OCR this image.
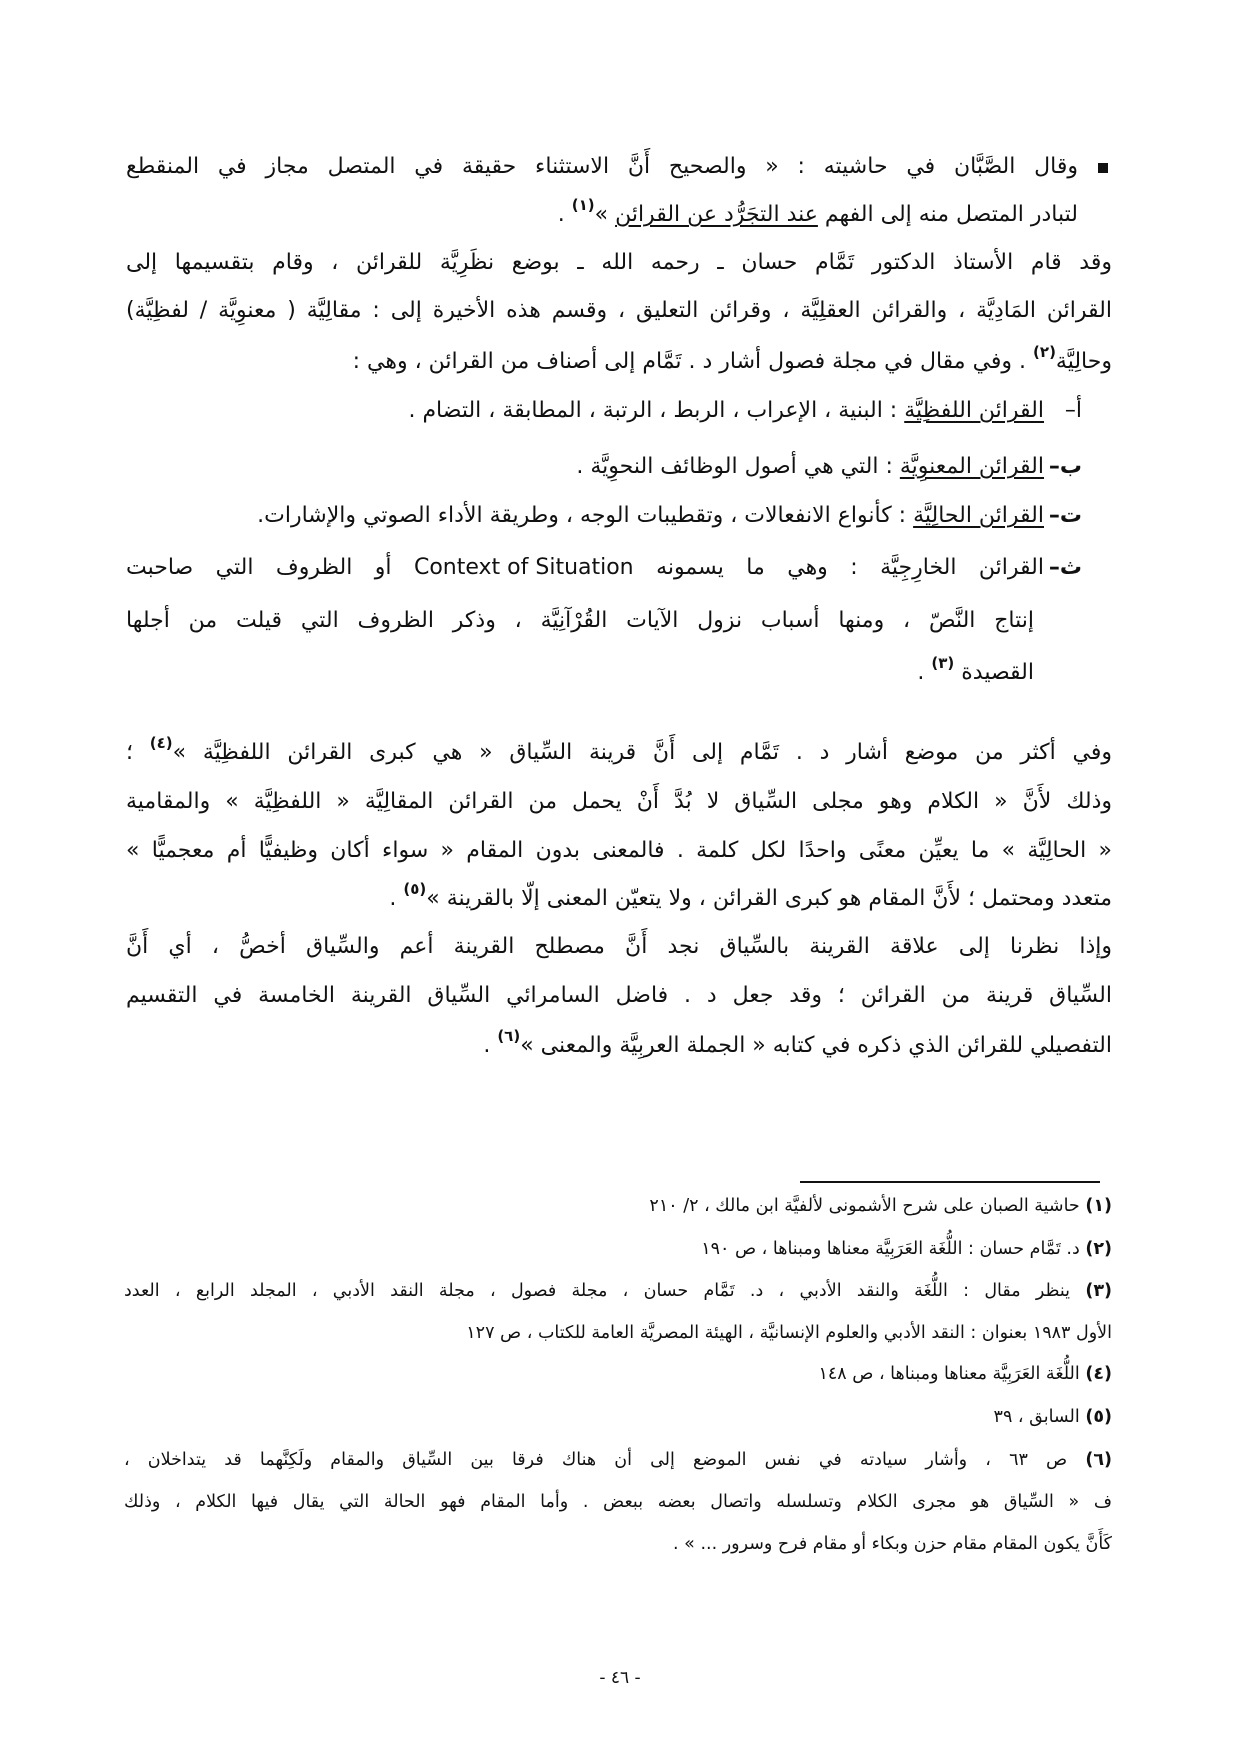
وقال الصَّبَّان في حاشيته : « والصحيح أَنَّ الاستثناء حقيقة في المتصل مجاز في المنقطع
لتبادر المتصل منه إلى الفهم عند التجَرُّد عن القرائن »$^{(١)}$ .
وقد قام الأستاذ الدكتور تَمَّام حسان ـ رحمه الله ـ بوضع نظَرِيَّة للقرائن ، وقام بتقسيمها إلى
القرائن المَادِيَّة ، والقرائن العقلِيَّة ، وقرائن التعليق ، وقسم هذه الأخيرة إلى : مقالِيَّة ( معنوِيَّة / لفظِيَّة)
وحالِيَّة$^{(٢)}$ . وفي مقال في مجلة فصول أشار د . تَمَّام إلى أصناف من القرائن ، وهي :
أ–القرائن اللفظِيَّة : البنية ، الإعراب ، الربط ، الرتبة ، المطابقة ، التضام .
ب–القرائن المعنوِيَّة : التي هي أصول الوظائف النحوِيَّة .
ت–القرائن الحالِيَّة : كأنواع الانفعالات ، وتقطيبات الوجه ، وطريقة الأداء الصوتي والإشارات.
ث–القرائن الخارِجِيَّة : وهي ما يسمونه Context of Situation أو الظروف التي صاحبت
إنتاج النَّصّ ، ومنها أسباب نزول الآيات القُرْآنِيَّة ، وذكر الظروف التي قيلت من أجلها
القصيدة $^{(٣)}$ .
وفي أكثر من موضع أشار د . تَمَّام إلى أَنَّ قرينة السِّياق « هي كبرى القرائن اللفظِيَّة »$^{(٤)}$ ؛
وذلك لأَنَّ « الكلام وهو مجلى السِّياق لا بُدَّ أَنْ يحمل من القرائن المقالِيَّة « اللفظِيَّة » والمقامية
« الحالِيَّة » ما يعيِّن معنًى واحدًا لكل كلمة . فالمعنى بدون المقام « سواء أكان وظيفيًّا أم معجميًّا »
متعدد ومحتمل ؛ لأَنَّ المقام هو كبرى القرائن ، ولا يتعيّن المعنى إلّا بالقرينة »$^{(٥)}$ .
وإذا نظرنا إلى علاقة القرينة بالسِّياق نجد أَنَّ مصطلح القرينة أعم والسِّياق أخصُّ ، أي أَنَّ
السِّياق قرينة من القرائن ؛ وقد جعل د . فاضل السامرائي السِّياق القرينة الخامسة في التقسيم
التفصيلي للقرائن الذي ذكره في كتابه « الجملة العربِيَّة والمعنى »$^{(٦)}$ .
(١) حاشية الصبان على شرح الأشمونى لألفيَّة ابن مالك ، ٢/ ٢١٠
(٢) د. تَمَّام حسان : اللُّغَة العَرَبِيَّة معناها ومبناها ، ص ١٩٠
(٣) ينظر مقال : اللُّغَة والنقد الأدبي ، د. تَمَّام حسان ، مجلة فصول ، مجلة النقد الأدبي ، المجلد الرابع ، العدد
الأول ١٩٨٣ بعنوان : النقد الأدبي والعلوم الإنسانيَّة ، الهيئة المصريَّة العامة للكتاب ، ص ١٢٧
(٤) اللُّغَة العَرَبِيَّة معناها ومبناها ، ص ١٤٨
(٥) السابق ، ٣٩
(٦) ص ٦٣ ، وأشار سيادته في نفس الموضع إلى أن هناك فرقا بين السِّياق والمقام ولَكِنَّهما قد يتداخلان ،
ف « السِّياق هو مجرى الكلام وتسلسله واتصال بعضه ببعض . وأما المقام فهو الحالة التي يقال فيها الكلام ، وذلك
كَأَنَّ يكون المقام مقام حزن وبكاء أو مقام فرح وسرور ... » .
- ٤٦ -
